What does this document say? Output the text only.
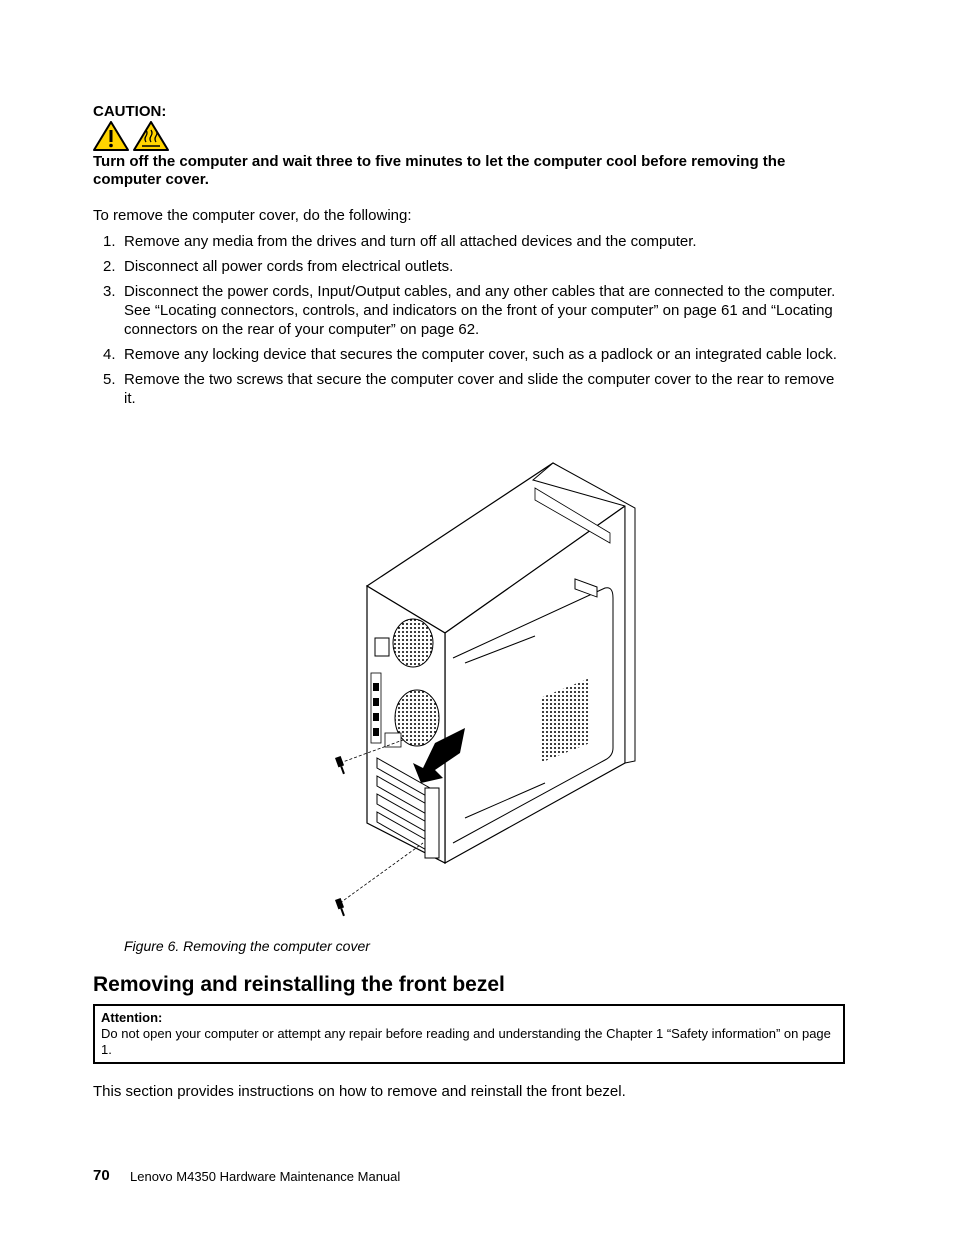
CAUTION:
Turn off the computer and wait three to five minutes to let the computer cool before removing the computer cover.
To remove the computer cover, do the following:
1. Remove any media from the drives and turn off all attached devices and the computer.
2. Disconnect all power cords from electrical outlets.
3. Disconnect the power cords, Input/Output cables, and any other cables that are connected to the computer. See “Locating connectors, controls, and indicators on the front of your computer” on page 61 and “Locating connectors on the rear of your computer” on page 62.
4. Remove any locking device that secures the computer cover, such as a padlock or an integrated cable lock.
5. Remove the two screws that secure the computer cover and slide the computer cover to the rear to remove it.
Figure 6. Removing the computer cover
Removing and reinstalling the front bezel
Attention:
Do not open your computer or attempt any repair before reading and understanding the Chapter 1 “Safety information” on page 1.
This section provides instructions on how to remove and reinstall the front bezel.
70 Lenovo M4350 Hardware Maintenance Manual
